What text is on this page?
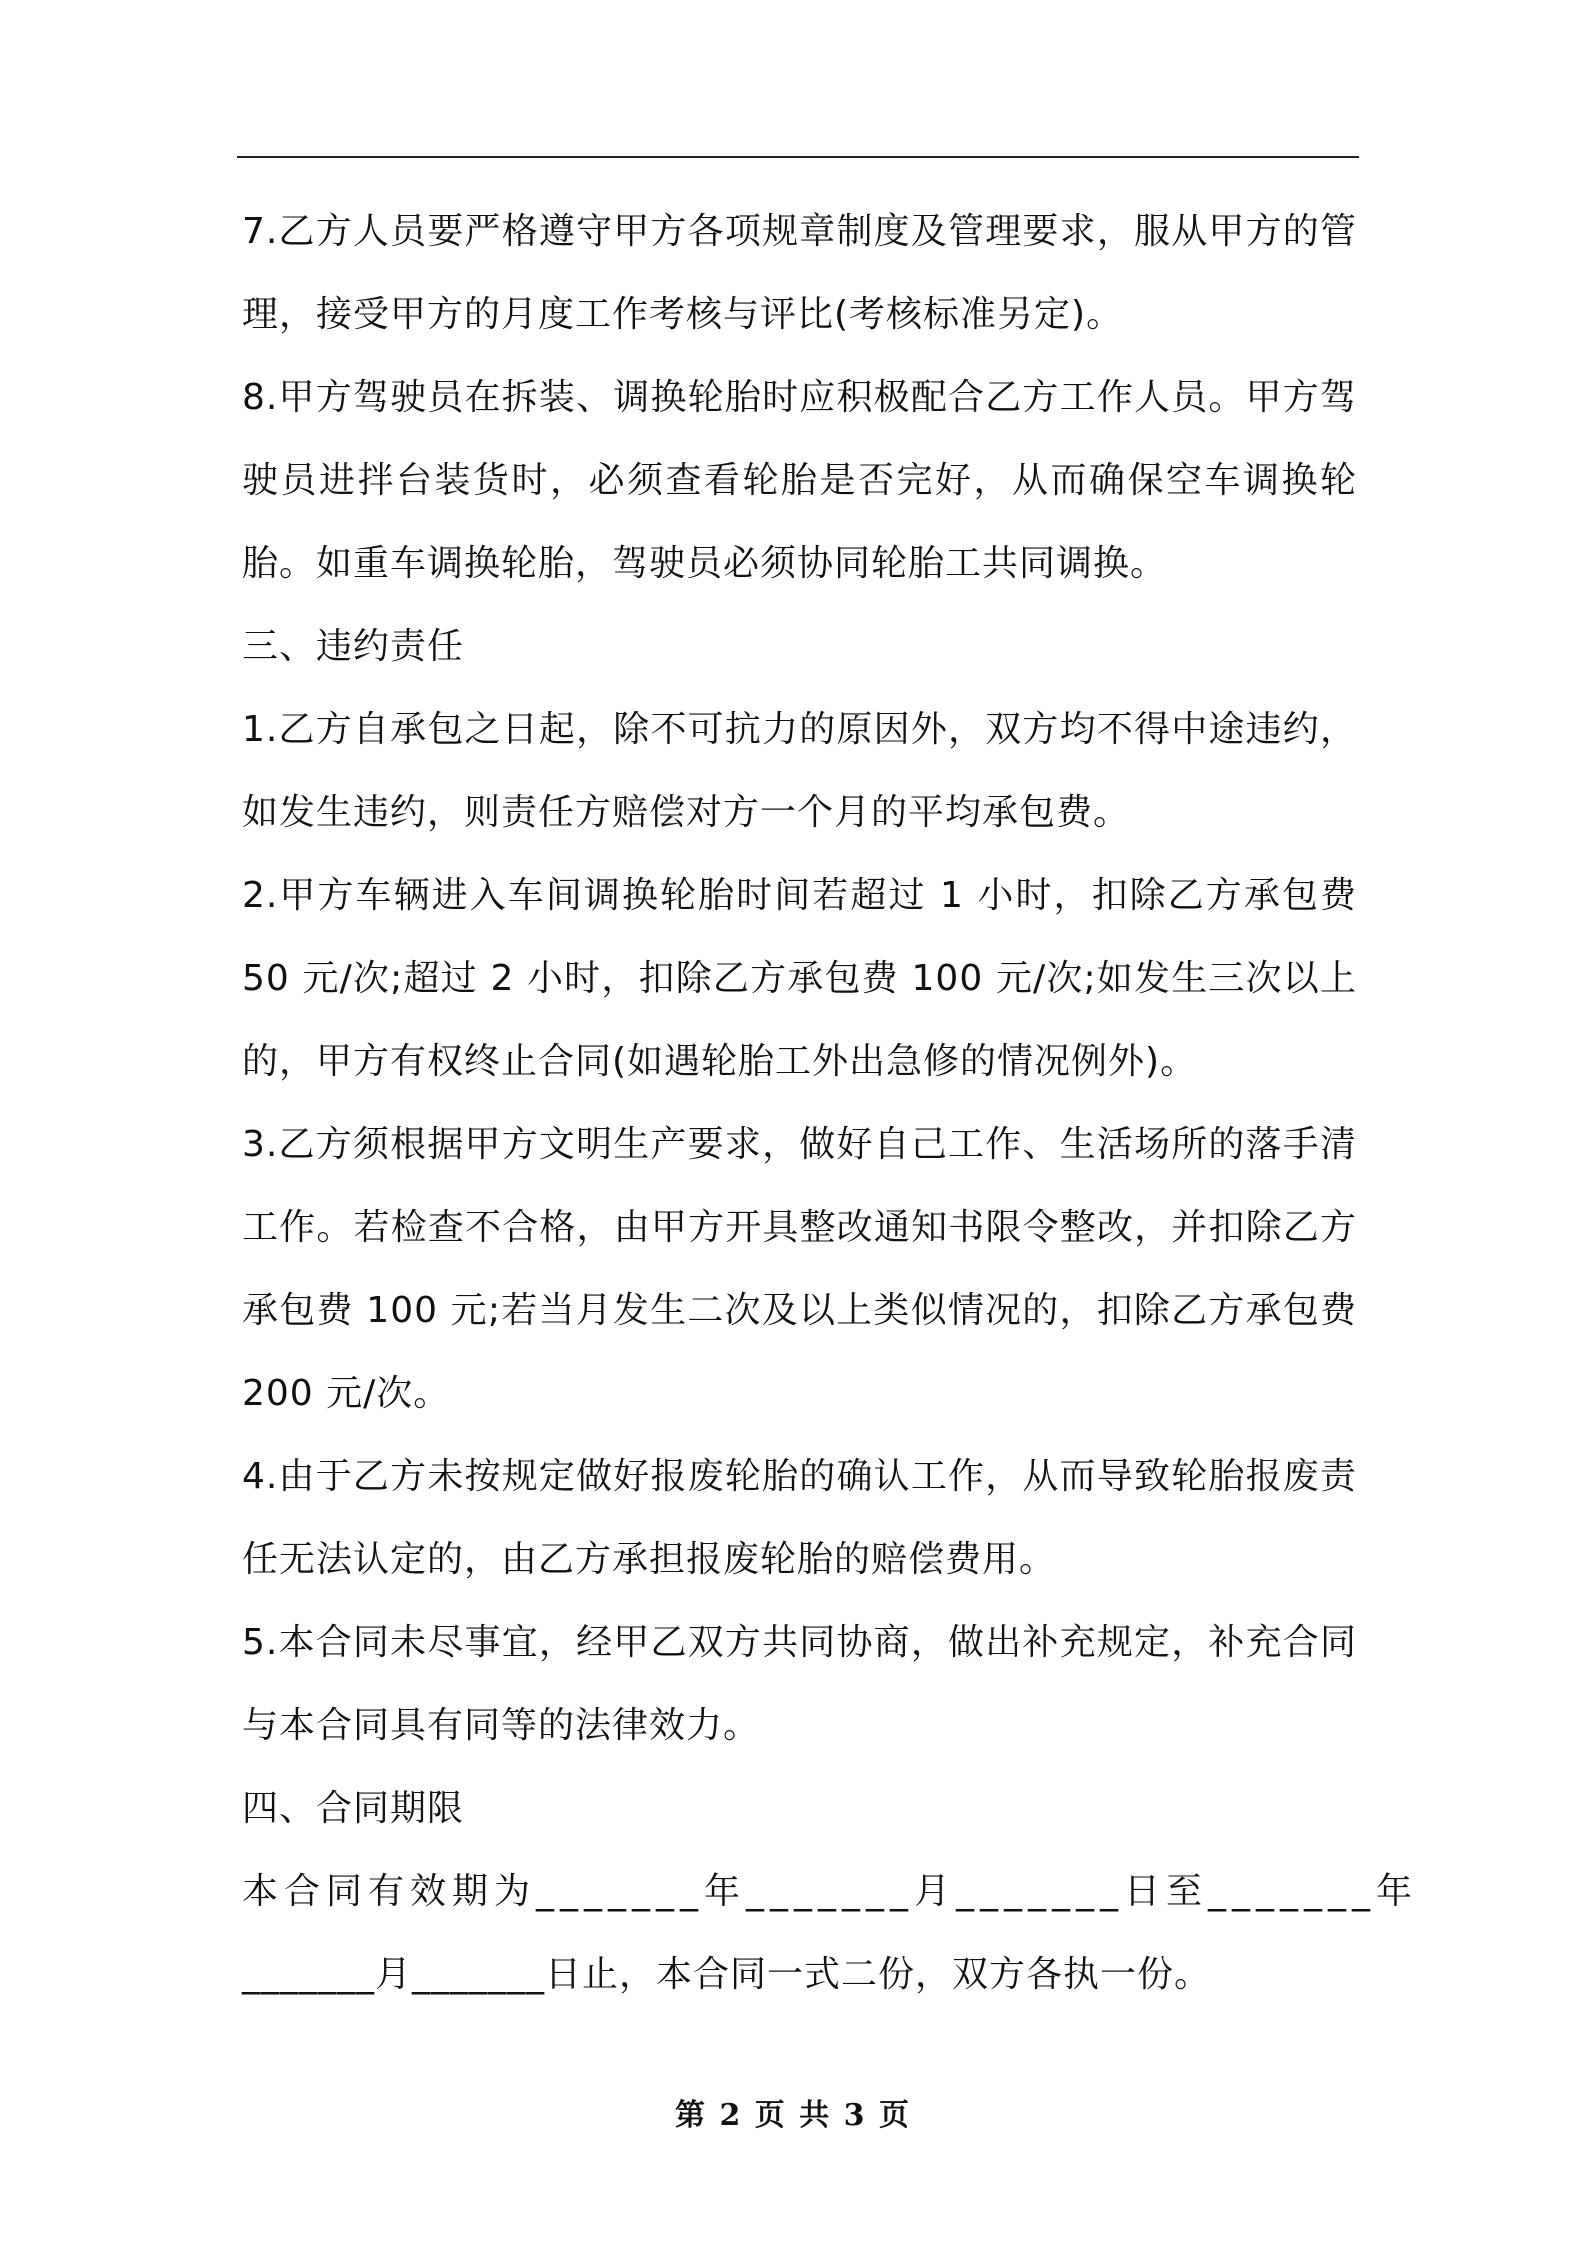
7.乙方人员要严格遵守甲方各项规章制度及管理要求，服从甲方的管理，接受甲方的月度工作考核与评比(考核标准另定)。

8.甲方驾驶员在拆装、调换轮胎时应积极配合乙方工作人员。甲方驾驶员进拌台装货时，必须查看轮胎是否完好，从而确保空车调换轮胎。如重车调换轮胎，驾驶员必须协同轮胎工共同调换。

三、违约责任

1.乙方自承包之日起，除不可抗力的原因外，双方均不得中途违约，如发生违约，则责任方赔偿对方一个月的平均承包费。

2.甲方车辆进入车间调换轮胎时间若超过 1 小时，扣除乙方承包费 50 元/次;超过 2 小时，扣除乙方承包费 100 元/次;如发生三次以上的，甲方有权终止合同(如遇轮胎工外出急修的情况例外)。

3.乙方须根据甲方文明生产要求，做好自己工作、生活场所的落手清工作。若检查不合格，由甲方开具整改通知书限令整改，并扣除乙方承包费 100 元;若当月发生二次及以上类似情况的，扣除乙方承包费 200 元/次。

4.由于乙方未按规定做好报废轮胎的确认工作，从而导致轮胎报废责任无法认定的，由乙方承担报废轮胎的赔偿费用。

5.本合同未尽事宜，经甲乙双方共同协商，做出补充规定，补充合同与本合同具有同等的法律效力。

四、合同期限

本合同有效期为_______年_______月_______日至_______年

_______月_______日止，本合同一式二份，双方各执一份。

第 2 页 共 3 页
